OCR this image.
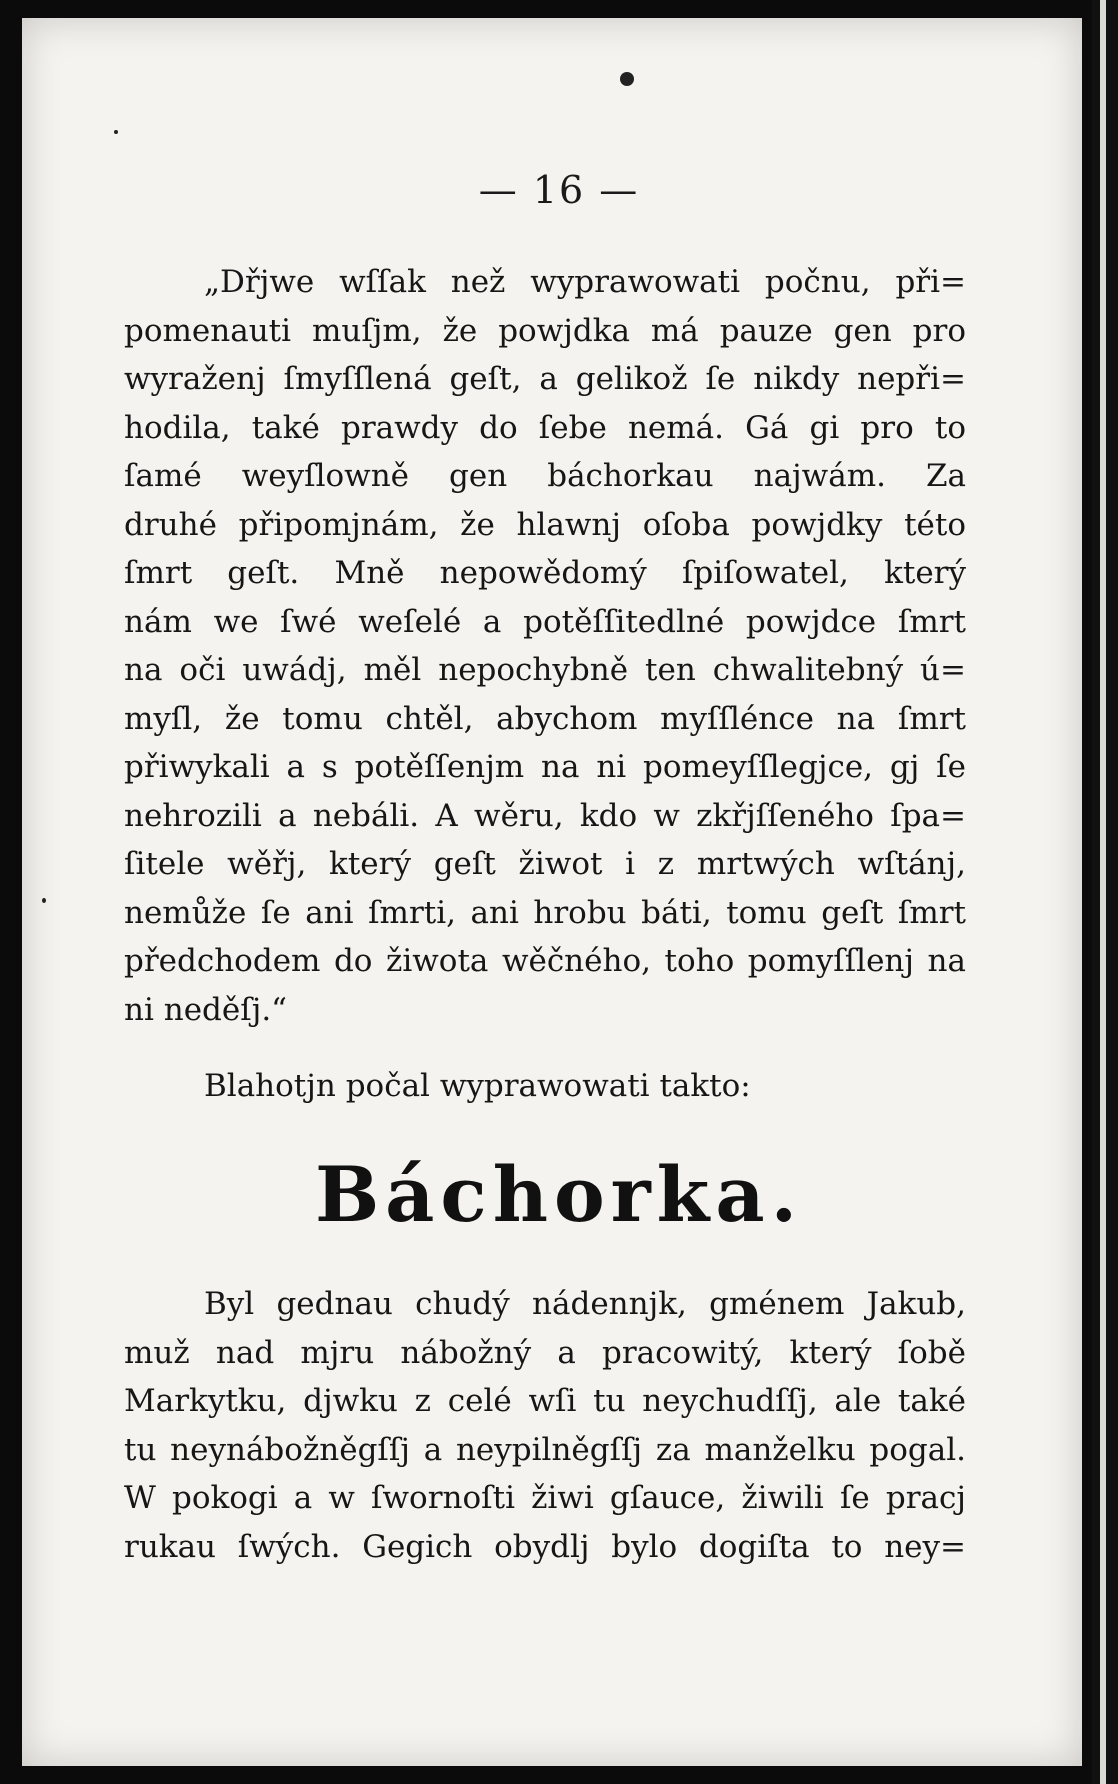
— 16 —
„Dřjwe wſſak než wyprawowati počnu, při=
pomenauti muſjm, že powjdka má pauze gen pro
wyraženj ſmyſſlená geſt, a gelikož ſe nikdy nepři=
hodila, také prawdy do ſebe nemá. Gá gi pro to
ſamé weyſlowně gen báchorkau najwám. Za
druhé připomjnám, že hlawnj oſoba powjdky této
ſmrt geſt. Mně nepowědomý ſpiſowatel, který
nám we ſwé weſelé a potěſſitedlné powjdce ſmrt
na oči uwádj, měl nepochybně ten chwalitebný ú=
myſl, že tomu chtěl, abychom myſſlénce na ſmrt
přiwykali a s potěſſenjm na ni pomeyſſlegjce, gj ſe
nehrozili a nebáli. A wěru, kdo w zkřjſſeného ſpa=
ſitele wěřj, který geſt žiwot i z mrtwých wſtánj,
nemůže ſe ani ſmrti, ani hrobu báti, tomu geſt ſmrt
předchodem do žiwota wěčného, toho pomyſſlenj na
ni neděſj.“
Blahotjn počal wyprawowati takto:
Báchorka.
Byl gednau chudý nádennjk, gménem Jakub,
muž nad mjru nábožný a pracowitý, který ſobě
Markytku, djwku z celé wſi tu neychudſſj, ale také
tu neynábožněgſſj a neypilněgſſj za manželku pogal.
W pokogi a w ſwornoſti žiwi gſauce, žiwili ſe pracj
rukau ſwých. Gegich obydlj bylo dogiſta to ney=
